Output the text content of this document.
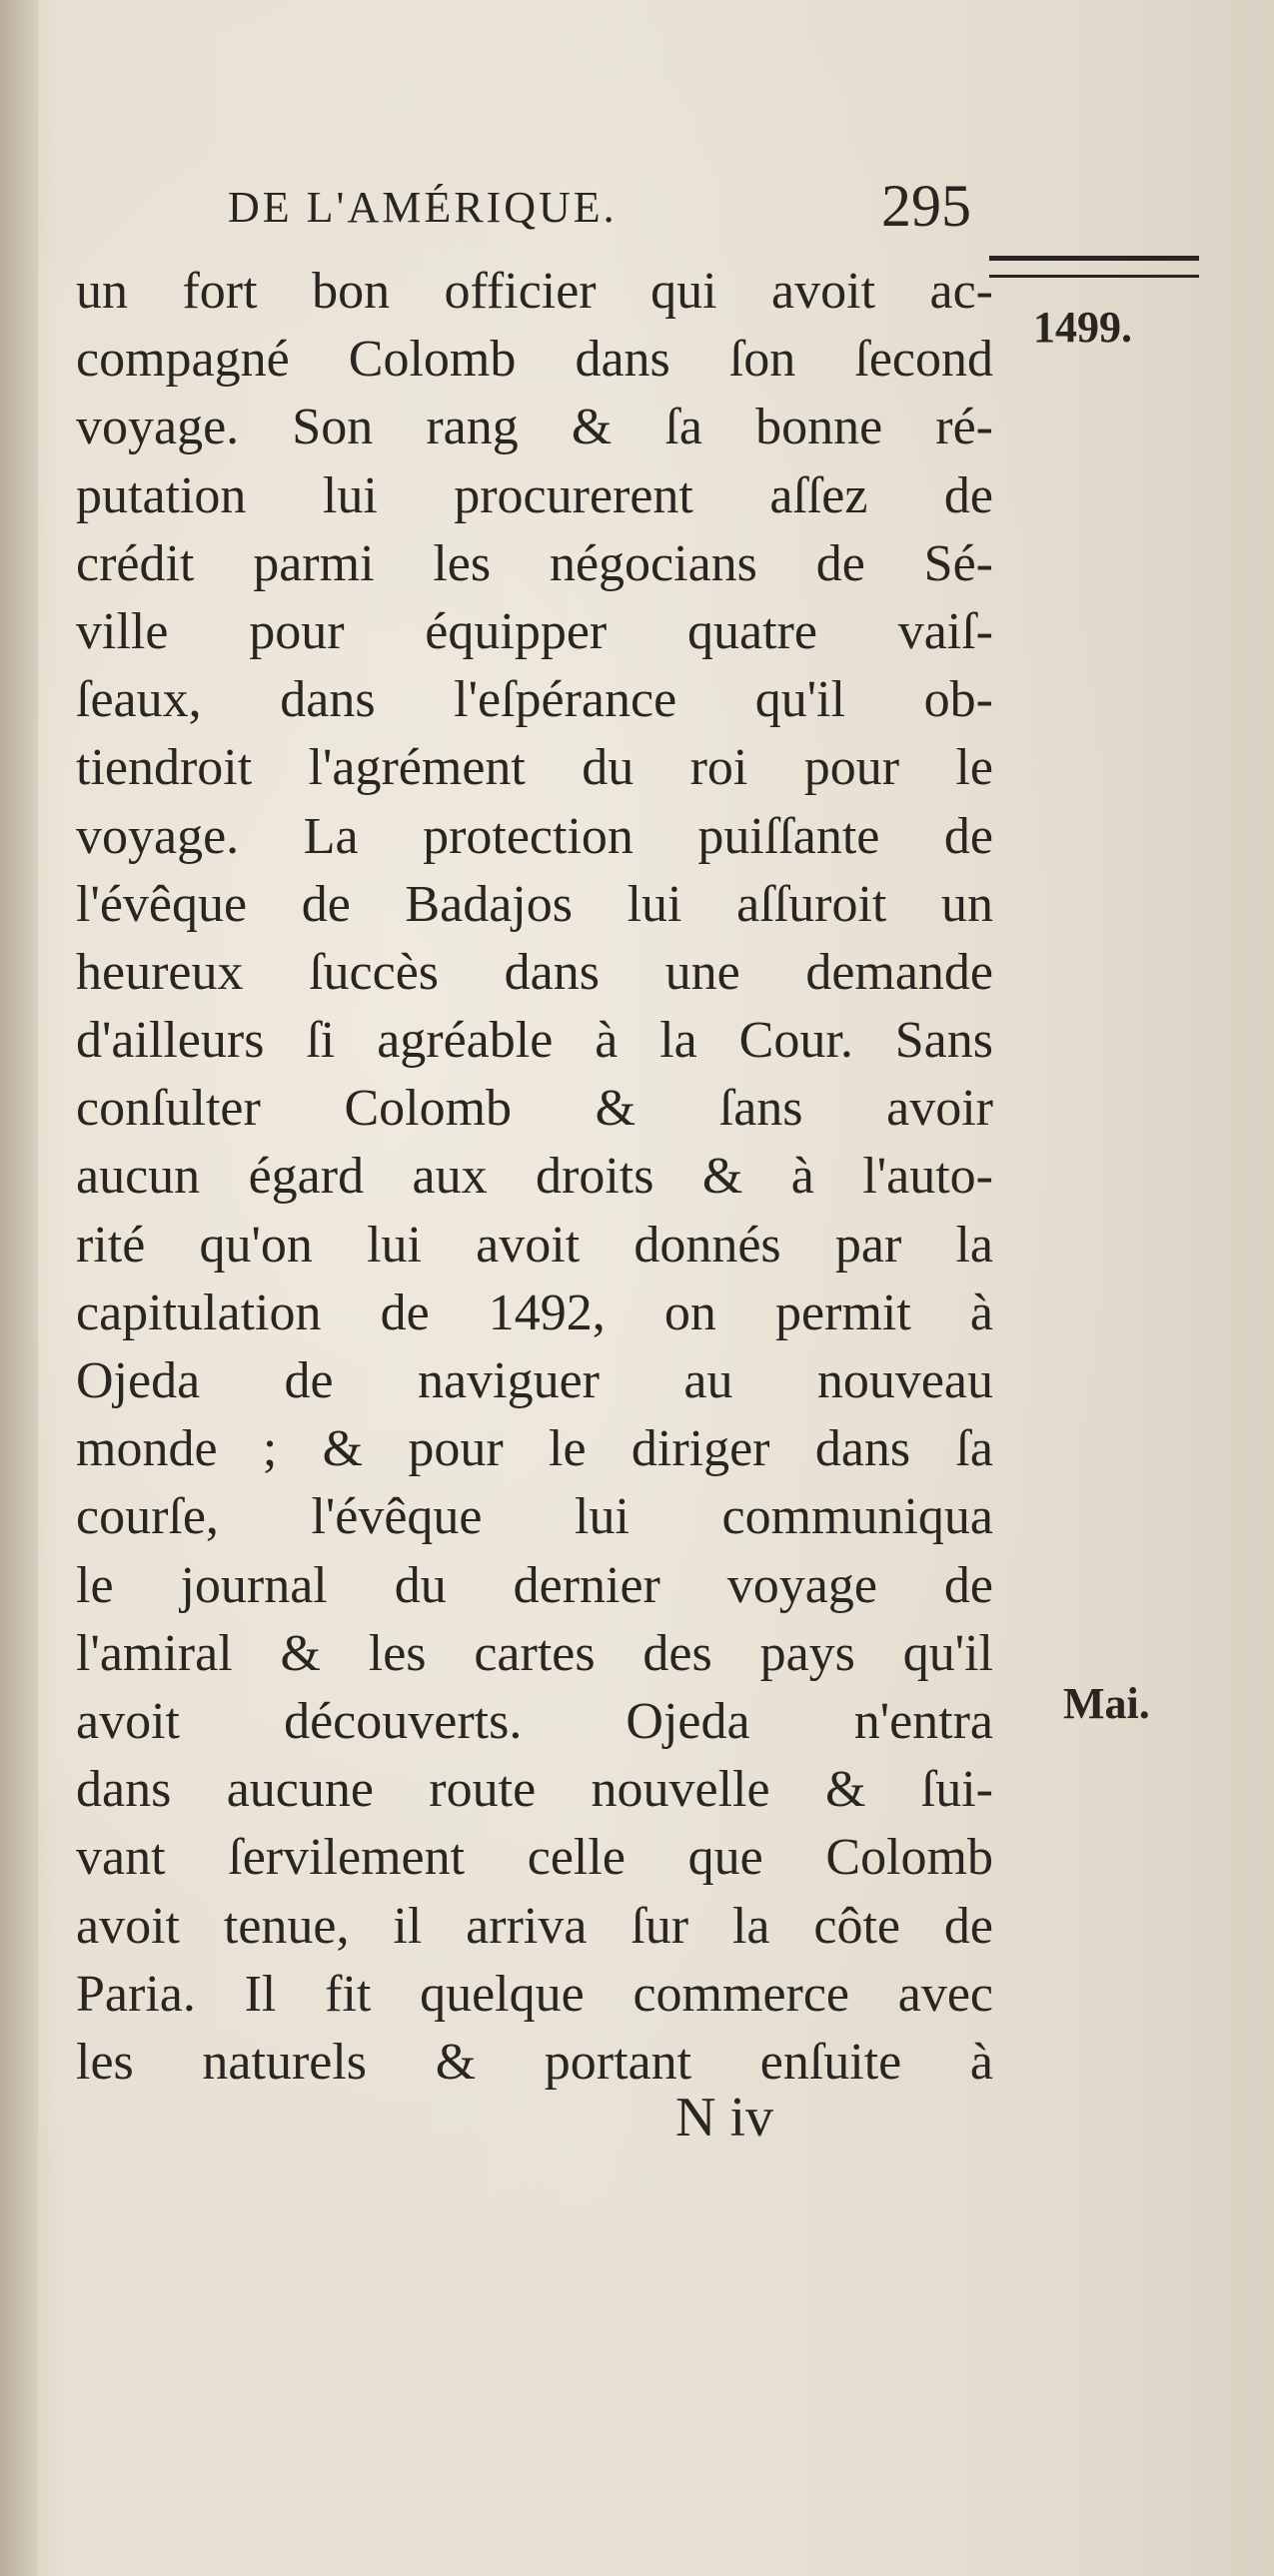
DE L'AMÉRIQUE.	295
1499.
Mai.
un fort bon officier qui avoit ac-
compagné Colomb dans ſon ſecond
voyage. Son rang & ſa bonne ré-
putation lui procurerent aſſez de
crédit parmi les négocians de Sé-
ville pour équipper quatre vaiſ-
ſeaux, dans l'eſpérance qu'il ob-
tiendroit l'agrément du roi pour le
voyage. La protection puiſſante de
l'évêque de Badajos lui aſſuroit un
heureux ſuccès dans une demande
d'ailleurs ſi agréable à la Cour. Sans
conſulter Colomb & ſans avoir
aucun égard aux droits & à l'auto-
rité qu'on lui avoit donnés par la
capitulation de 1492, on permit à
Ojeda de naviguer au nouveau
monde ; & pour le diriger dans ſa
courſe, l'évêque lui communiqua
le journal du dernier voyage de
l'amiral & les cartes des pays qu'il
avoit découverts. Ojeda n'entra
dans aucune route nouvelle & ſui-
vant ſervilement celle que Colomb
avoit tenue, il arriva ſur la côte de
Paria. Il fit quelque commerce avec
les naturels & portant enſuite à
N iv
